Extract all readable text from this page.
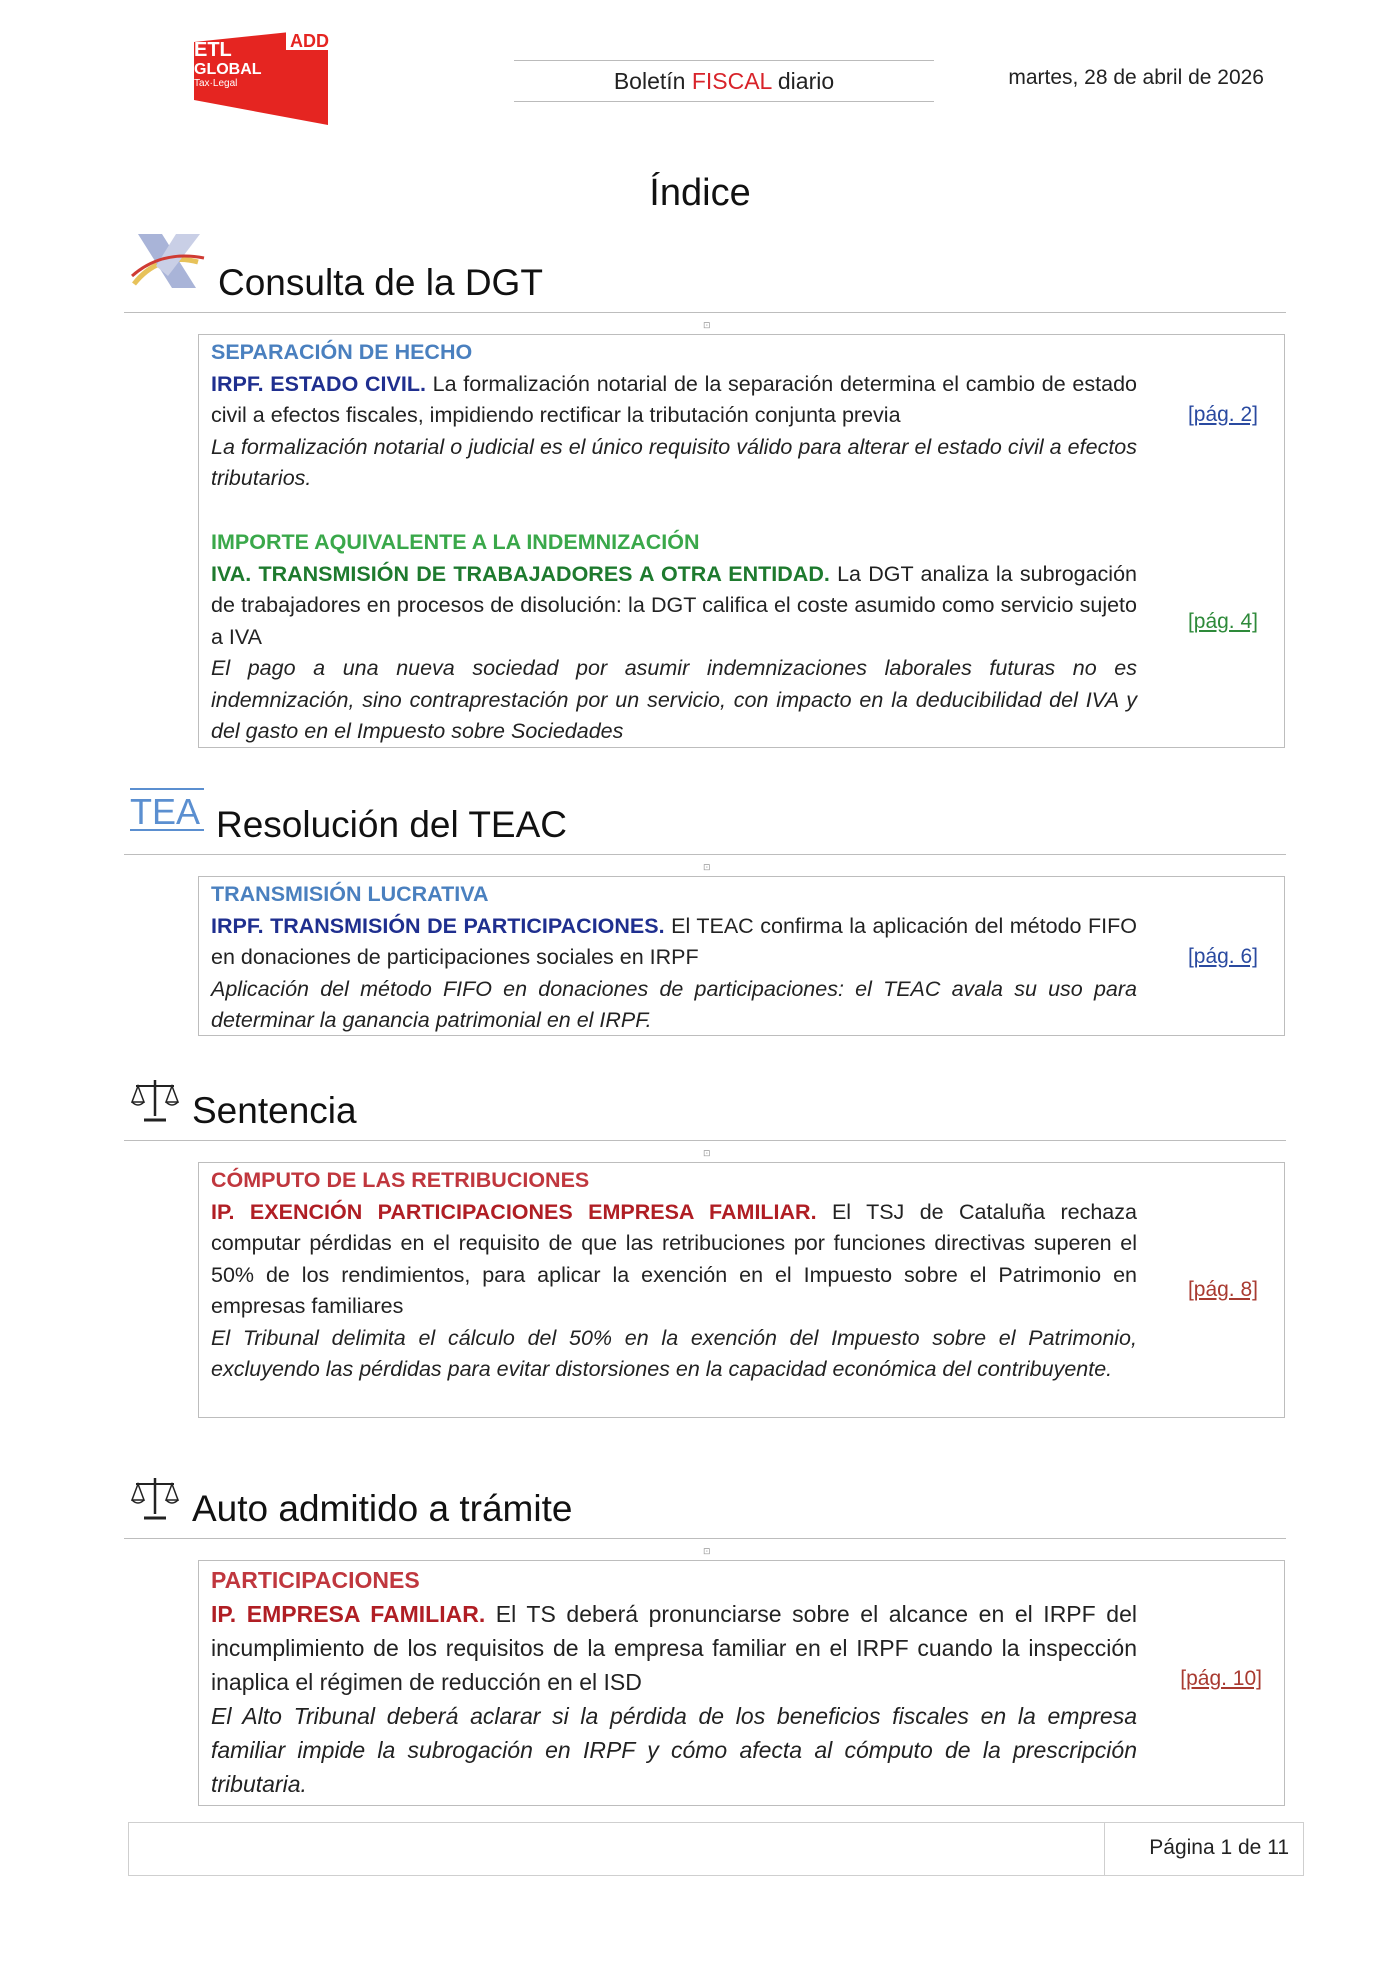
ETL
GLOBAL
Tax·Legal
ADD
Boletín FISCAL diario	martes, 28 de abril de 2026
Índice
Consulta de la DGT
⊡
SEPARACIÓN DE HECHO

IRPF. ESTADO CIVIL. La formalización notarial de la separación determina el cambio de estado civil a efectos fiscales, impidiendo rectificar la tributación conjunta previa

La formalización notarial o judicial es el único requisito válido para alterar el estado civil a efectos tributarios.
[pág. 2]
IMPORTE AQUIVALENTE A LA INDEMNIZACIÓN

IVA. TRANSMISIÓN DE TRABAJADORES A OTRA ENTIDAD. La DGT analiza la subrogación de trabajadores en procesos de disolución: la DGT califica el coste asumido como servicio sujeto a IVA

El pago a una nueva sociedad por asumir indemnizaciones laborales futuras no es indemnización, sino contraprestación por un servicio, con impacto en la deducibilidad del IVA y del gasto en el Impuesto sobre Sociedades
[pág. 4]
TEA Resolución del TEAC
⊡
TRANSMISIÓN LUCRATIVA

IRPF. TRANSMISIÓN DE PARTICIPACIONES. El TEAC confirma la aplicación del método FIFO en donaciones de participaciones sociales en IRPF

Aplicación del método FIFO en donaciones de participaciones: el TEAC avala su uso para determinar la ganancia patrimonial en el IRPF.
[pág. 6]
Sentencia
⊡
CÓMPUTO DE LAS RETRIBUCIONES

IP. EXENCIÓN PARTICIPACIONES EMPRESA FAMILIAR. El TSJ de Cataluña rechaza computar pérdidas en el requisito de que las retribuciones por funciones directivas superen el 50% de los rendimientos, para aplicar la exención en el Impuesto sobre el Patrimonio en empresas familiares

El Tribunal delimita el cálculo del 50% en la exención del Impuesto sobre el Patrimonio, excluyendo las pérdidas para evitar distorsiones en la capacidad económica del contribuyente.
[pág. 8]
Auto admitido a trámite
⊡
PARTICIPACIONES

IP. EMPRESA FAMILIAR. El TS deberá pronunciarse sobre el alcance en el IRPF del incumplimiento de los requisitos de la empresa familiar en el IRPF cuando la inspección inaplica el régimen de reducción en el ISD

El Alto Tribunal deberá aclarar si la pérdida de los beneficios fiscales en la empresa familiar impide la subrogación en IRPF y cómo afecta al cómputo de la prescripción tributaria.
[pág. 10]
Página 1 de 11
